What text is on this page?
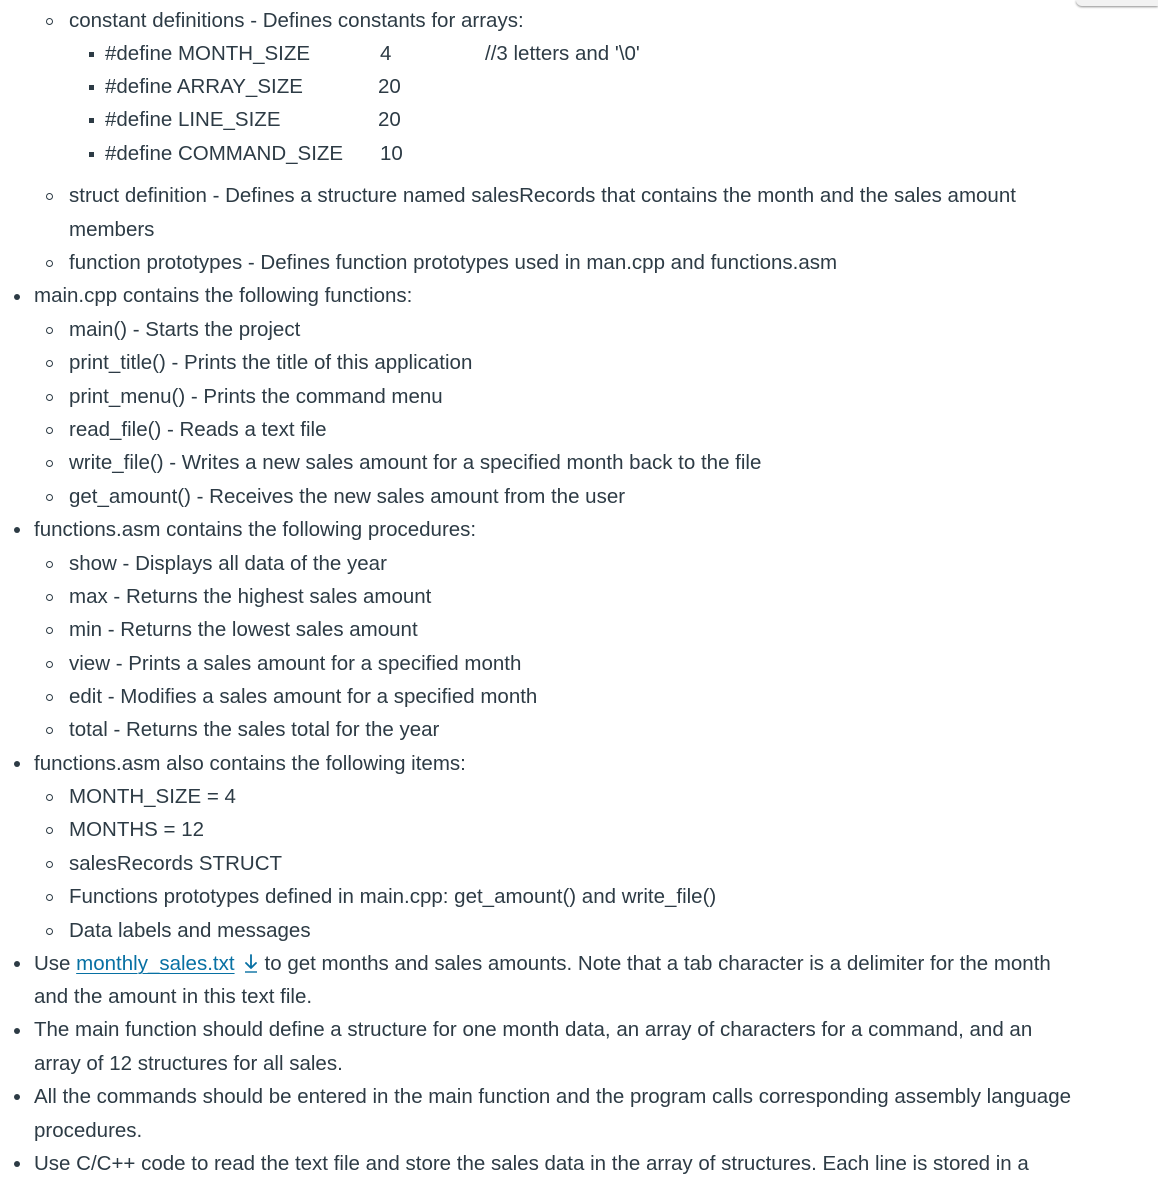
constant definitions - Defines constants for arrays:
#define MONTH_SIZE	4	//3 letters and '\0'
#define ARRAY_SIZE	20
#define LINE_SIZE	20
#define COMMAND_SIZE 10
struct definition - Defines a structure named salesRecords that contains the month and the sales amount
members
function prototypes - Defines function prototypes used in man.cpp and functions.asm
main.cpp contains the following functions:
main() - Starts the project
print_title() - Prints the title of this application
print_menu() - Prints the command menu
read_file() - Reads a text file
write_file() - Writes a new sales amount for a specified month back to the file
get_amount() - Receives the new sales amount from the user
functions.asm contains the following procedures:
show - Displays all data of the year
max - Returns the highest sales amount
min - Returns the lowest sales amount
view - Prints a sales amount for a specified month
edit - Modifies a sales amount for a specified month
total - Returns the sales total for the year
functions.asm also contains the following items:
MONTH_SIZE = 4
MONTHS = 12
salesRecords STRUCT
Functions prototypes defined in main.cpp: get_amount() and write_file()
Data labels and messages
Use monthly_sales.txt to get months and sales amounts. Note that a tab character is a delimiter for the month
and the amount in this text file.
The main function should define a structure for one month data, an array of characters for a command, and an
array of 12 structures for all sales.
All the commands should be entered in the main function and the program calls corresponding assembly language
procedures.
Use C/C++ code to read the text file and store the sales data in the array of structures. Each line is stored in a
